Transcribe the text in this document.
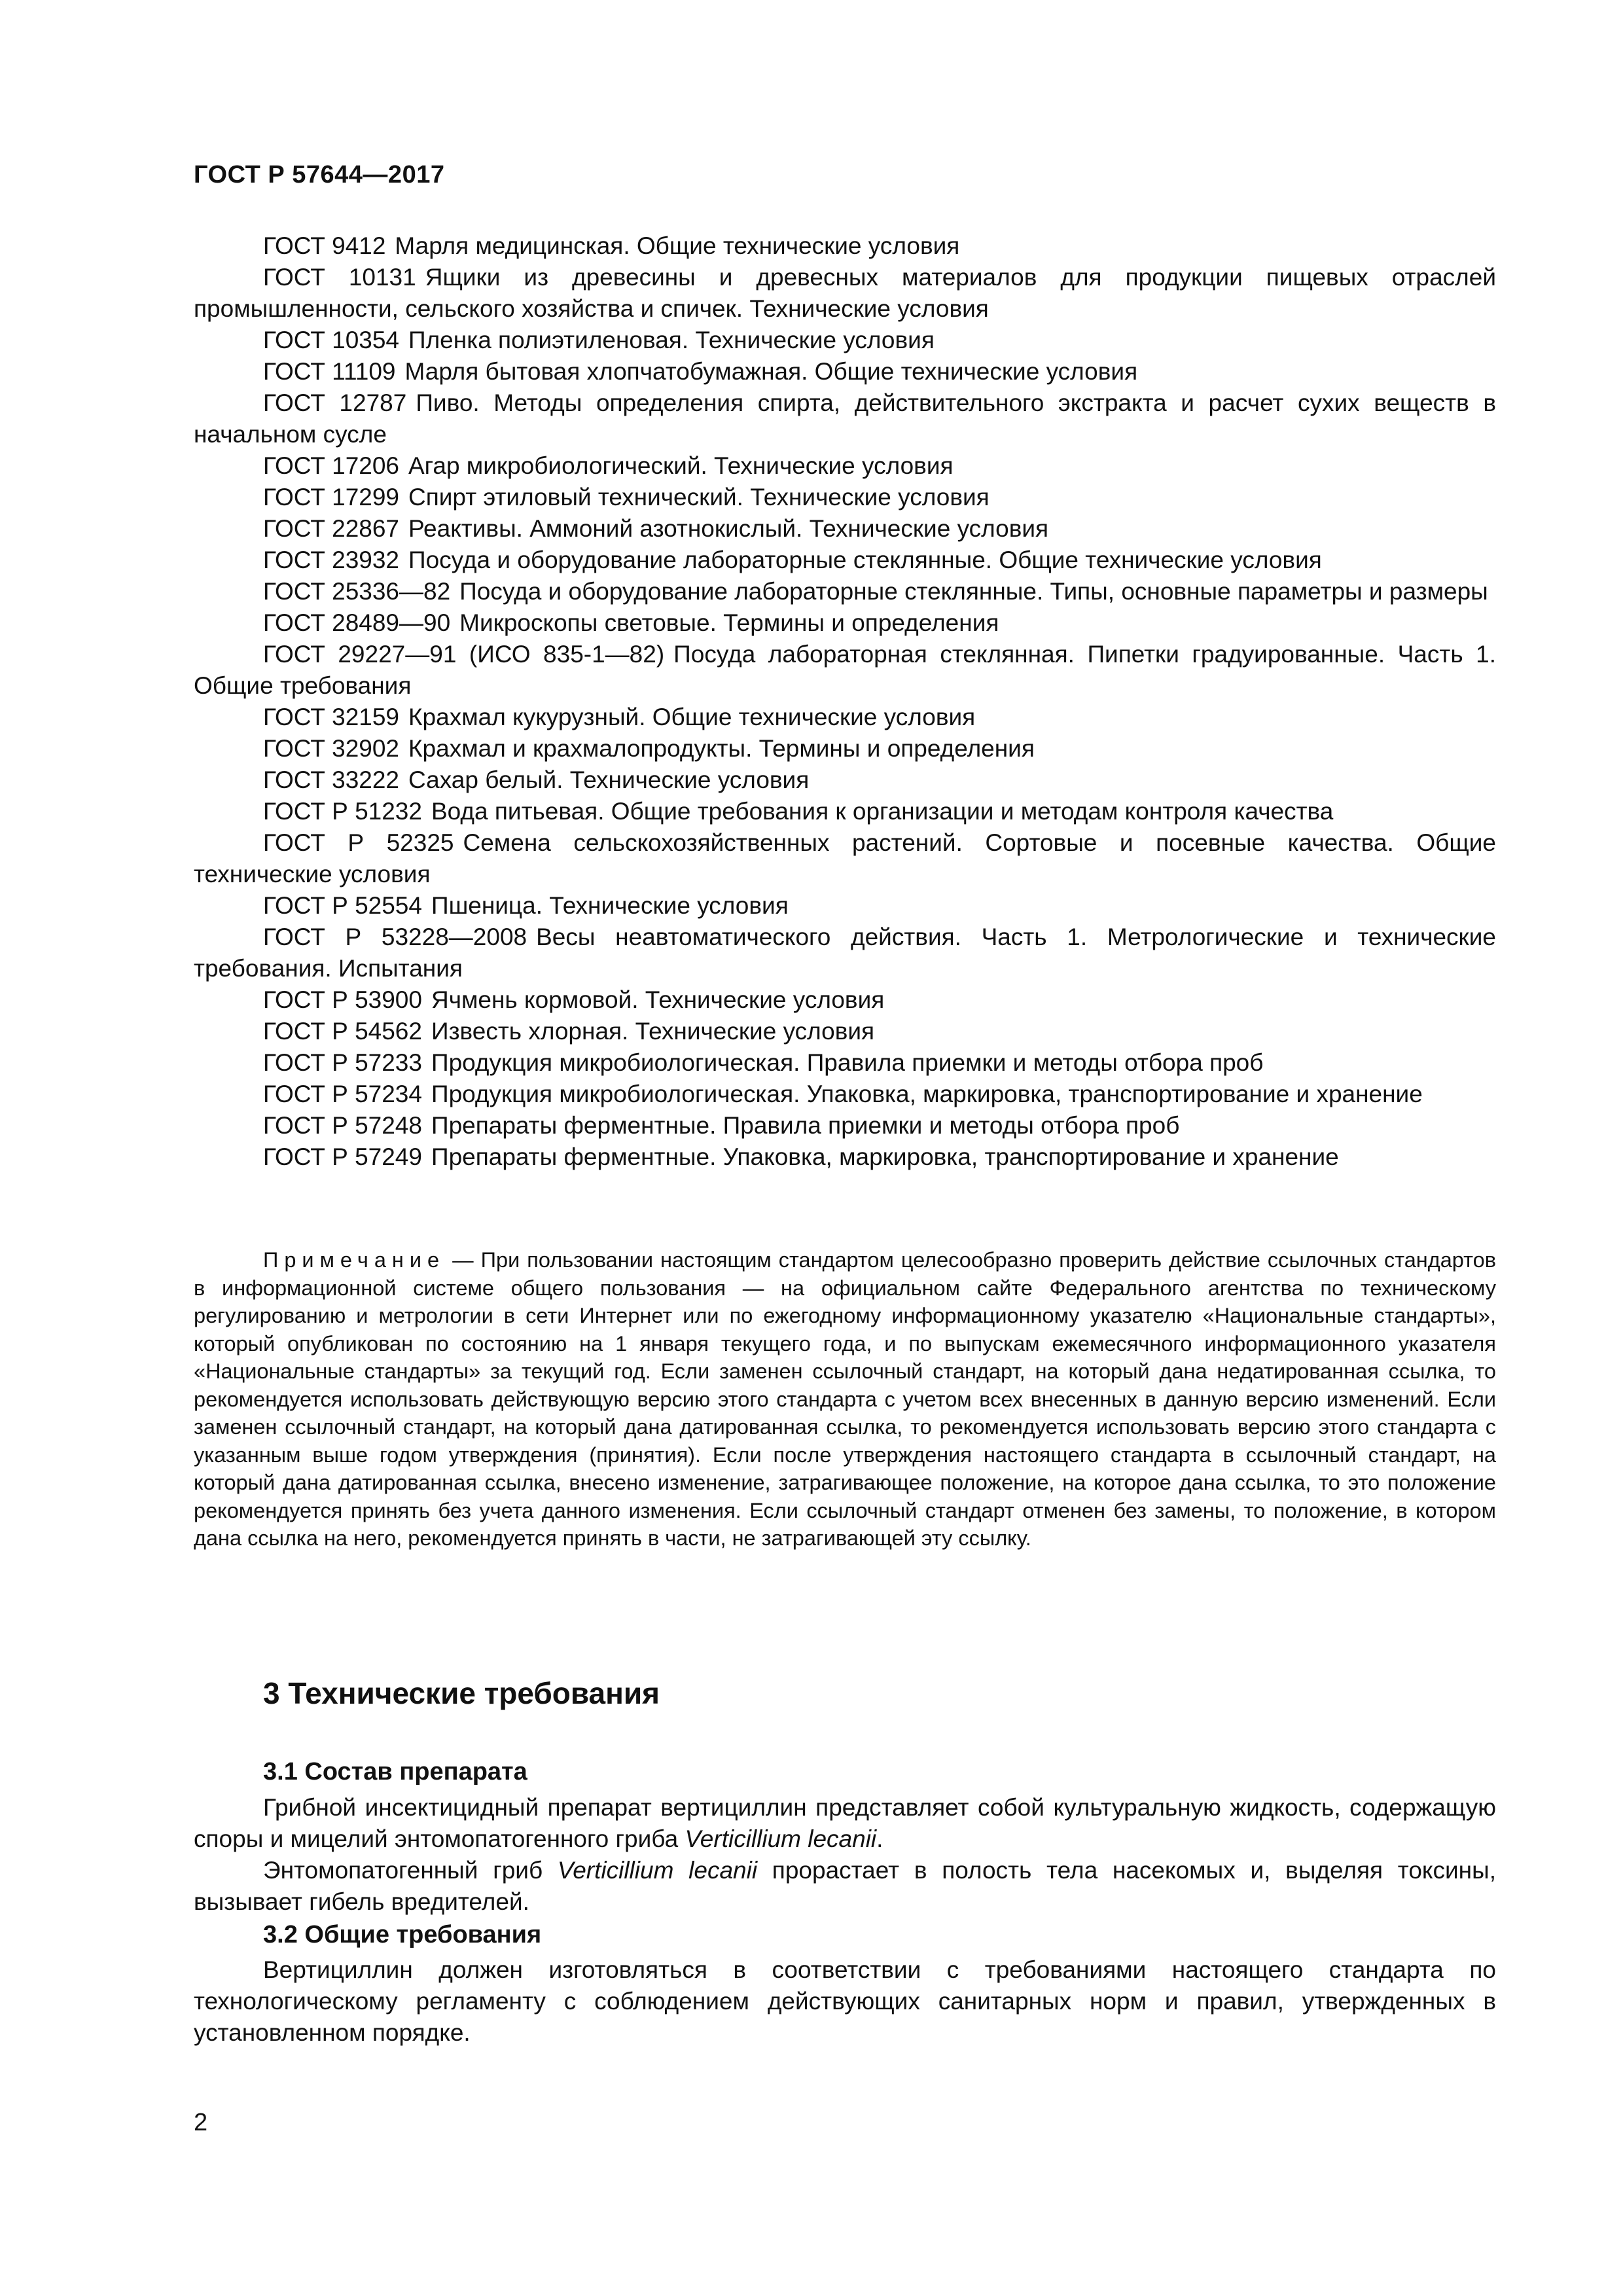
ГОСТ Р 57644—2017

ГОСТ 9412 Марля медицинская. Общие технические условия

ГОСТ 10131 Ящики из древесины и древесных материалов для продукции пищевых отраслей промышленности, сельского хозяйства и спичек. Технические условия

ГОСТ 10354 Пленка полиэтиленовая. Технические условия

ГОСТ 11109 Марля бытовая хлопчатобумажная. Общие технические условия

ГОСТ 12787 Пиво. Методы определения спирта, действительного экстракта и расчет сухих веществ в начальном сусле

ГОСТ 17206 Агар микробиологический. Технические условия

ГОСТ 17299 Спирт этиловый технический. Технические условия

ГОСТ 22867 Реактивы. Аммоний азотнокислый. Технические условия

ГОСТ 23932 Посуда и оборудование лабораторные стеклянные. Общие технические условия

ГОСТ 25336—82 Посуда и оборудование лабораторные стеклянные. Типы, основные параметры и размеры

ГОСТ 28489—90 Микроскопы световые. Термины и определения

ГОСТ 29227—91 (ИСО 835-1—82) Посуда лабораторная стеклянная. Пипетки градуированные. Часть 1. Общие требования

ГОСТ 32159 Крахмал кукурузный. Общие технические условия

ГОСТ 32902 Крахмал и крахмалопродукты. Термины и определения

ГОСТ 33222 Сахар белый. Технические условия

ГОСТ Р 51232 Вода питьевая. Общие требования к организации и методам контроля качества

ГОСТ Р 52325 Семена сельскохозяйственных растений. Сортовые и посевные качества. Общие технические условия

ГОСТ Р 52554 Пшеница. Технические условия

ГОСТ Р 53228—2008 Весы неавтоматического действия. Часть 1. Метрологические и технические требования. Испытания

ГОСТ Р 53900 Ячмень кормовой. Технические условия

ГОСТ Р 54562 Известь хлорная. Технические условия

ГОСТ Р 57233 Продукция микробиологическая. Правила приемки и методы отбора проб

ГОСТ Р 57234 Продукция микробиологическая. Упаковка, маркировка, транспортирование и хранение

ГОСТ Р 57248 Препараты ферментные. Правила приемки и методы отбора проб

ГОСТ Р 57249 Препараты ферментные. Упаковка, маркировка, транспортирование и хранение

Примечание — При пользовании настоящим стандартом целесообразно проверить действие ссылочных стандартов в информационной системе общего пользования — на официальном сайте Федерального агентства по техническому регулированию и метрологии в сети Интернет или по ежегодному информационному указателю «Национальные стандарты», который опубликован по состоянию на 1 января текущего года, и по выпускам ежемесячного информационного указателя «Национальные стандарты» за текущий год. Если заменен ссылочный стандарт, на который дана недатированная ссылка, то рекомендуется использовать действующую версию этого стандарта с учетом всех внесенных в данную версию изменений. Если заменен ссылочный стандарт, на который дана датированная ссылка, то рекомендуется использовать версию этого стандарта с указанным выше годом утверждения (принятия). Если после утверждения настоящего стандарта в ссылочный стандарт, на который дана датированная ссылка, внесено изменение, затрагивающее положение, на которое дана ссылка, то это положение рекомендуется принять без учета данного изменения. Если ссылочный стандарт отменен без замены, то положение, в котором дана ссылка на него, рекомендуется принять в части, не затрагивающей эту ссылку.

3 Технические требования
3.1 Состав препарата

Грибной инсектицидный препарат вертициллин представляет собой культуральную жидкость, содержащую споры и мицелий энтомопатогенного гриба Verticillium lecanii.

Энтомопатогенный гриб Verticillium lecanii прорастает в полость тела насекомых и, выделяя токсины, вызывает гибель вредителей.

3.2 Общие требования

Вертициллин должен изготовляться в соответствии с требованиями настоящего стандарта по технологическому регламенту с соблюдением действующих санитарных норм и правил, утвержденных в установленном порядке.

2
